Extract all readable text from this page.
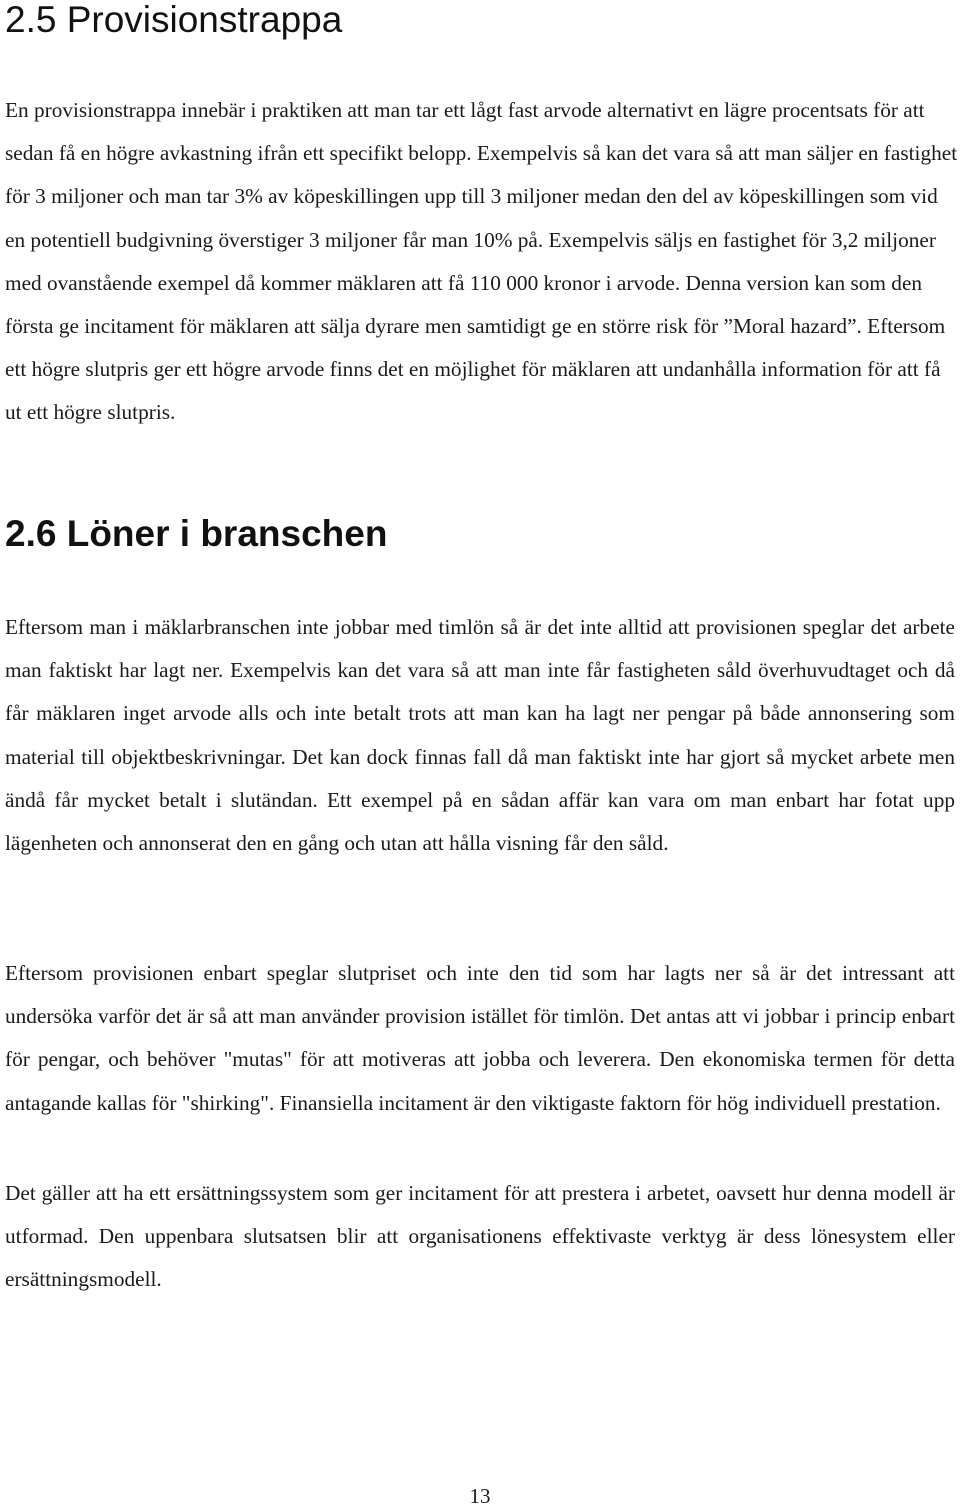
2.5 Provisionstrappa

En provisionstrappa innebär i praktiken att man tar ett lågt fast arvode alternativt en lägre procentsats för att sedan få en högre avkastning ifrån ett specifikt belopp. Exempelvis så kan det vara så att man säljer en fastighet för 3 miljoner och man tar 3% av köpeskillingen upp till 3 miljoner medan den del av köpeskillingen som vid en potentiell budgivning överstiger 3 miljoner får man 10% på. Exempelvis säljs en fastighet för 3,2 miljoner med ovanstående exempel då kommer mäklaren att få 110 000 kronor i arvode. Denna version kan som den första ge incitament för mäklaren att sälja dyrare men samtidigt ge en större risk för ”Moral hazard”. Eftersom ett högre slutpris ger ett högre arvode finns det en möjlighet för mäklaren att undanhålla information för att få ut ett högre slutpris.

2.6 Löner i branschen

Eftersom man i mäklarbranschen inte jobbar med timlön så är det inte alltid att provisionen speglar det arbete man faktiskt har lagt ner. Exempelvis kan det vara så att man inte får fastigheten såld överhuvudtaget och då får mäklaren inget arvode alls och inte betalt trots att man kan ha lagt ner pengar på både annonsering som material till objektbeskrivningar. Det kan dock finnas fall då man faktiskt inte har gjort så mycket arbete men ändå får mycket betalt i slutändan. Ett exempel på en sådan affär kan vara om man enbart har fotat upp lägenheten och annonserat den en gång och utan att hålla visning får den såld.

Eftersom provisionen enbart speglar slutpriset och inte den tid som har lagts ner så är det intressant att undersöka varför det är så att man använder provision istället för timlön. Det antas att vi jobbar i princip enbart för pengar, och behöver "mutas" för att motiveras att jobba och leverera. Den ekonomiska termen för detta antagande kallas för "shirking". Finansiella incitament är den viktigaste faktorn för hög individuell prestation.

Det gäller att ha ett ersättningssystem som ger incitament för att prestera i arbetet, oavsett hur denna modell är utformad. Den uppenbara slutsatsen blir att organisationens effektivaste verktyg är dess lönesystem eller ersättningsmodell.

13
